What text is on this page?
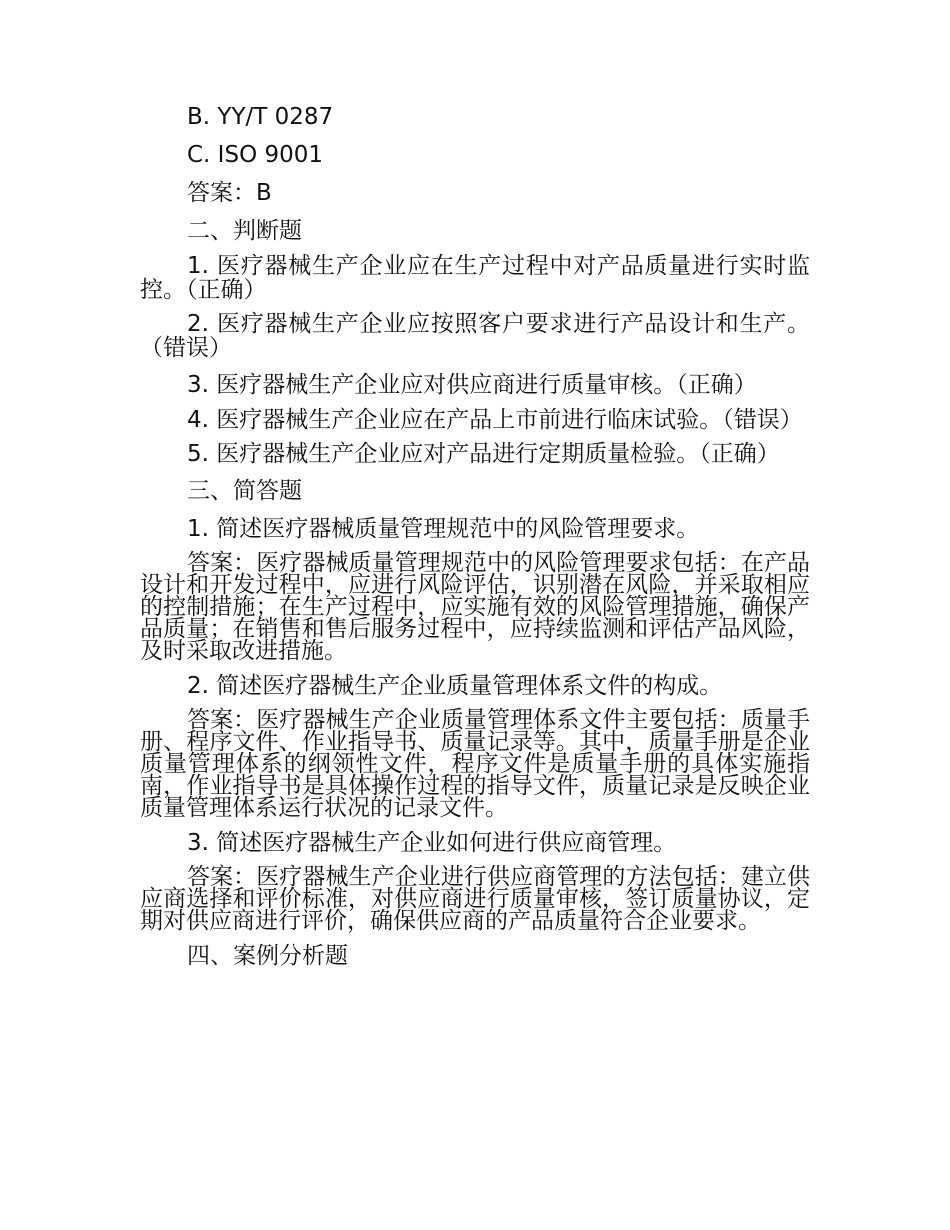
B. YY/T 0287

C. ISO 9001

答案：B

二、判断题

1. 医疗器械生产企业应在生产过程中对产品质量进行实时监控。（正确）

2. 医疗器械生产企业应按照客户要求进行产品设计和生产。（错误）

3. 医疗器械生产企业应对供应商进行质量审核。（正确）

4. 医疗器械生产企业应在产品上市前进行临床试验。（错误）

5. 医疗器械生产企业应对产品进行定期质量检验。（正确）

三、简答题

1. 简述医疗器械质量管理规范中的风险管理要求。

答案：医疗器械质量管理规范中的风险管理要求包括：在产品设计和开发过程中，应进行风险评估，识别潜在风险，并采取相应的控制措施；在生产过程中，应实施有效的风险管理措施，确保产品质量；在销售和售后服务过程中，应持续监测和评估产品风险，及时采取改进措施。

2. 简述医疗器械生产企业质量管理体系文件的构成。

答案：医疗器械生产企业质量管理体系文件主要包括：质量手册、程序文件、作业指导书、质量记录等。其中，质量手册是企业质量管理体系的纲领性文件，程序文件是质量手册的具体实施指南，作业指导书是具体操作过程的指导文件，质量记录是反映企业质量管理体系运行状况的记录文件。

3. 简述医疗器械生产企业如何进行供应商管理。

答案：医疗器械生产企业进行供应商管理的方法包括：建立供应商选择和评价标准，对供应商进行质量审核，签订质量协议，定期对供应商进行评价，确保供应商的产品质量符合企业要求。

四、案例分析题
